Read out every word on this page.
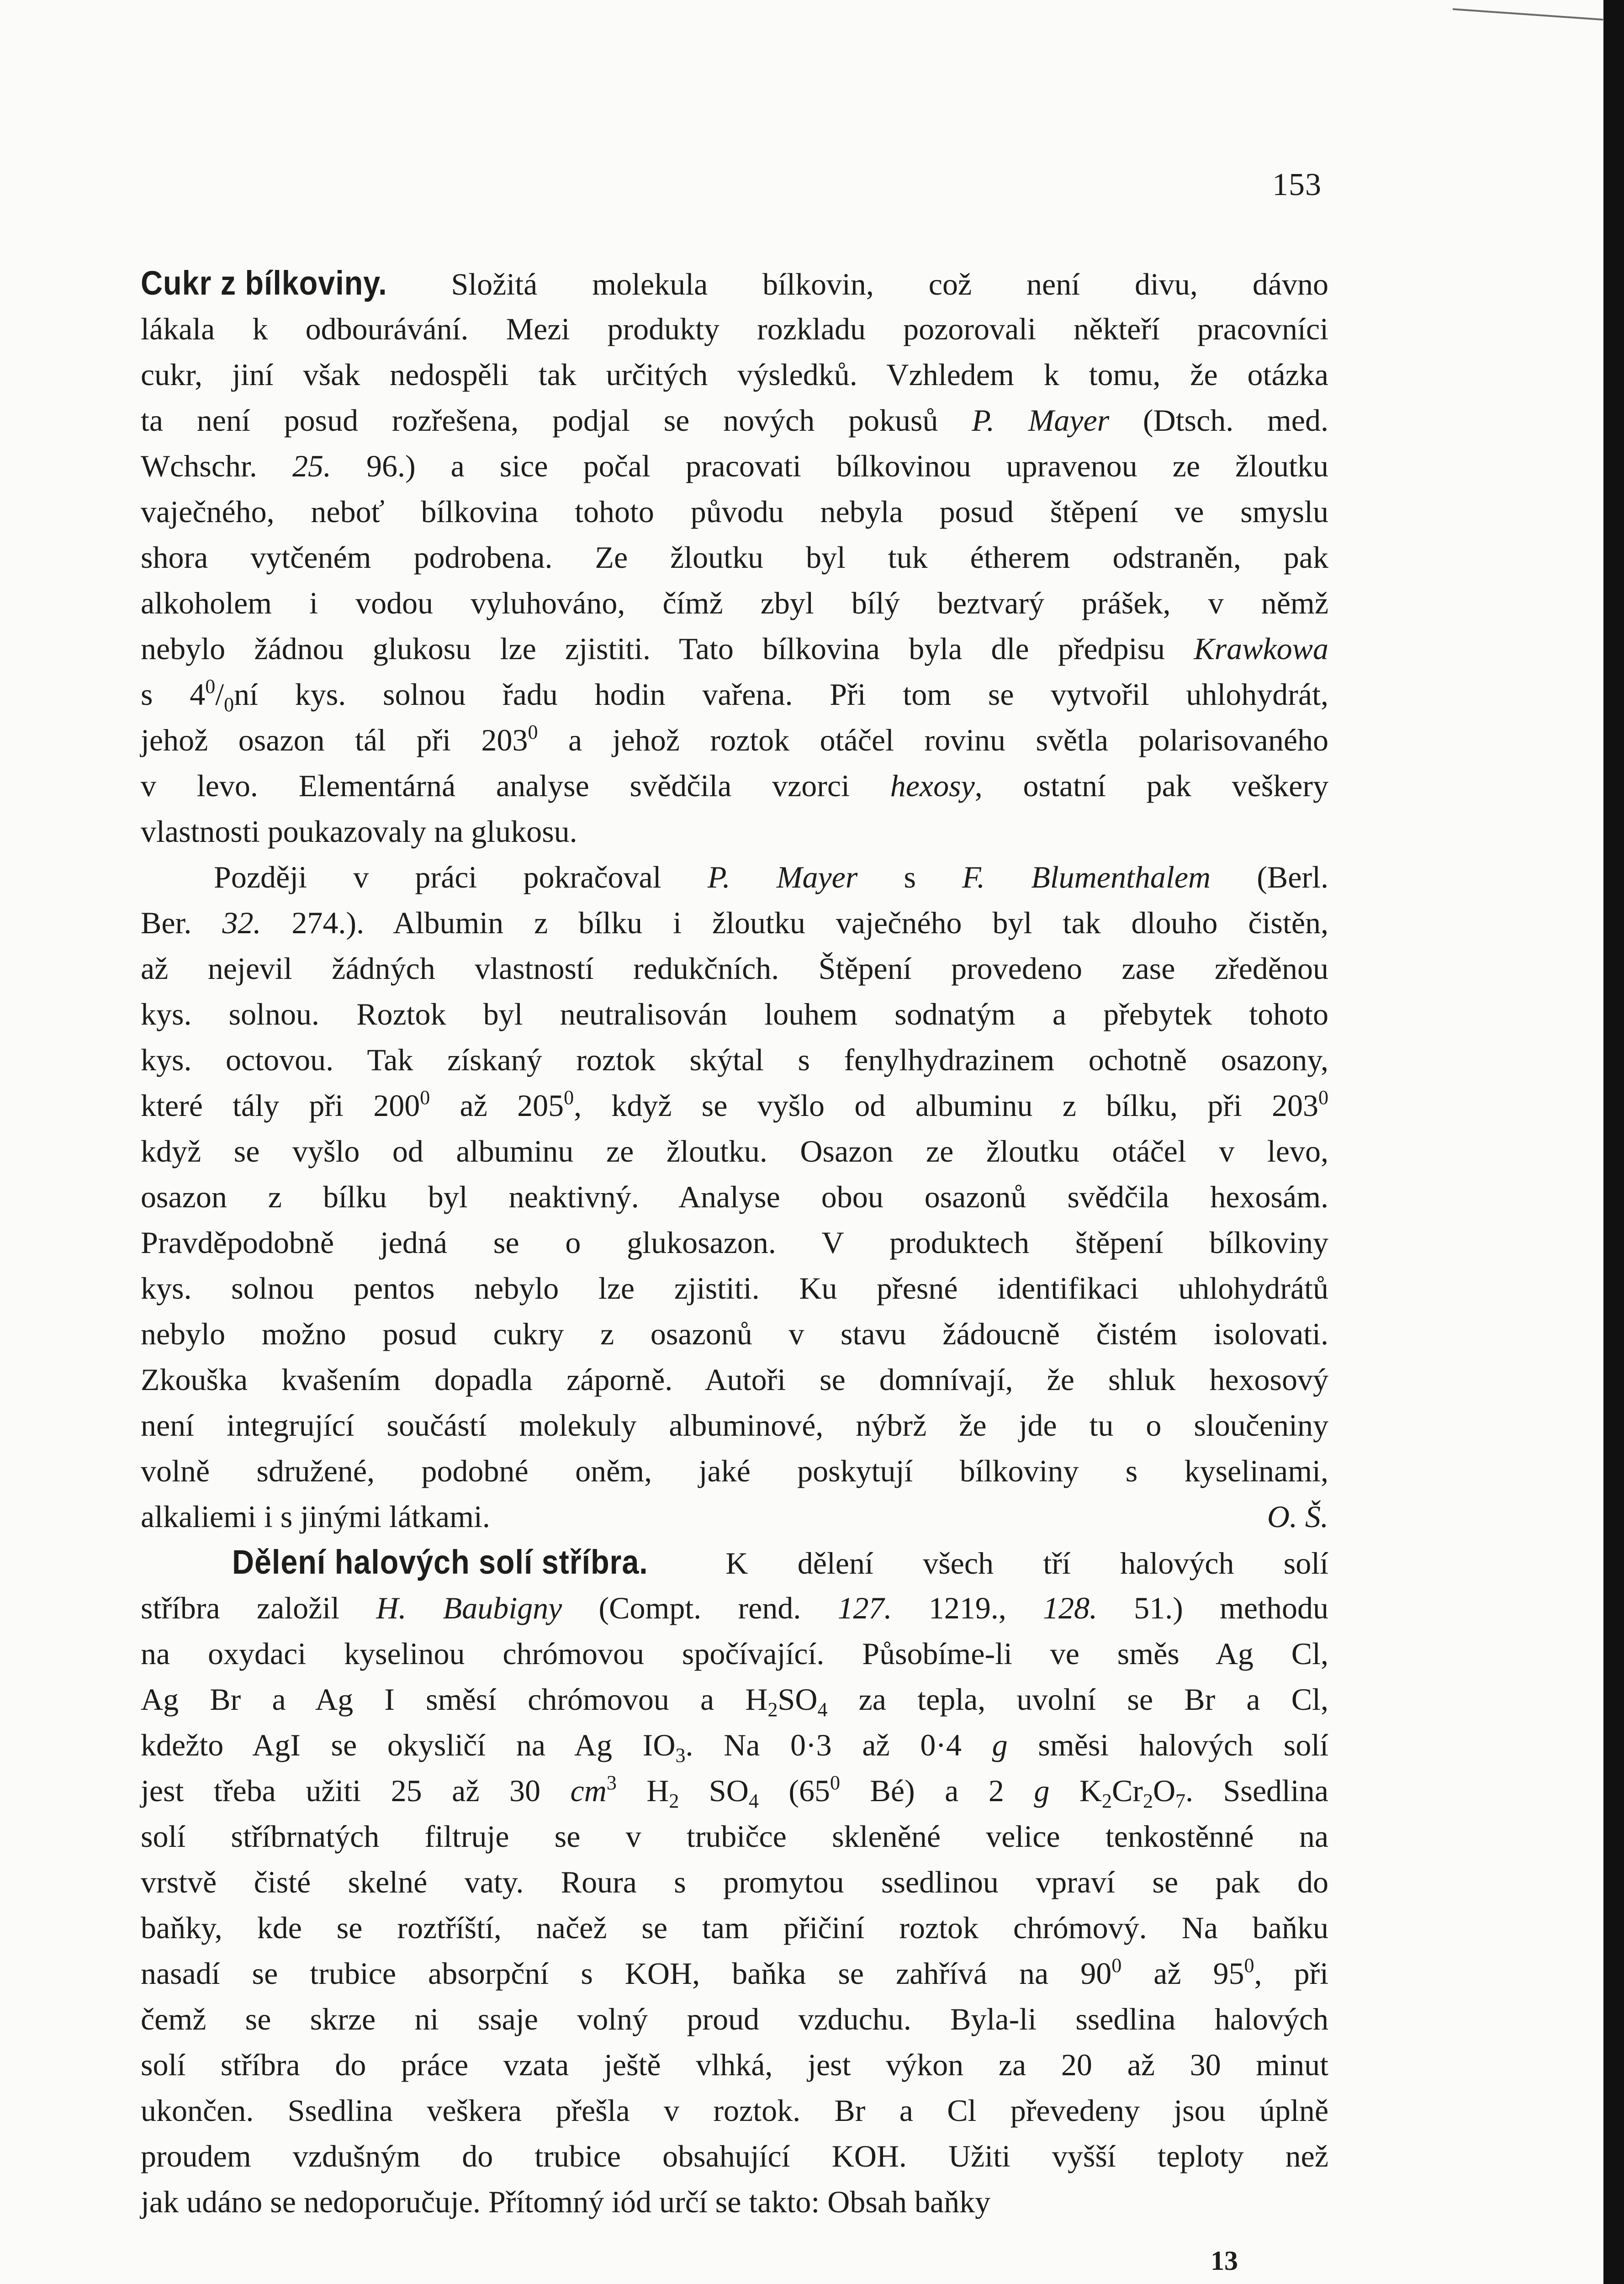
153
Cukr z bílkoviny. Složitá molekula bílkovin, což není divu, dávno
lákala k odbourávání. Mezi produkty rozkladu pozorovali někteří pracovníci
cukr, jiní však nedospěli tak určitých výsledků. Vzhledem k tomu, že otázka
ta není posud rozřešena, podjal se nových pokusů P. Mayer (Dtsch. med.
Wchschr. 25. 96.) a sice počal pracovati bílkovinou upravenou ze žloutku
vaječného, neboť bílkovina tohoto původu nebyla posud štěpení ve smyslu
shora vytčeném podrobena. Ze žloutku byl tuk étherem odstraněn, pak
alkoholem i vodou vyluhováno, čímž zbyl bílý beztvarý prášek, v němž
nebylo žádnou glukosu lze zjistiti. Tato bílkovina byla dle předpisu Krawkowa
s $4^0/_0ní$ kys. solnou řadu hodin vařena. Při tom se vytvořil uhlohydrát,
jehož osazon tál při $203^0$ a jehož roztok otáčel rovinu světla polarisovaného
v levo. Elementárná analyse svědčila vzorci hexosy, ostatní pak veškery
vlastnosti poukazovaly na glukosu.
Později v práci pokračoval P. Mayer s F. Blumenthalem (Berl.
Ber. 32. 274.). Albumin z bílku i žloutku vaječného byl tak dlouho čistěn,
až nejevil žádných vlastností redukčních. Štěpení provedeno zase zředěnou
kys. solnou. Roztok byl neutralisován louhem sodnatým a přebytek tohoto
kys. octovou. Tak získaný roztok skýtal s fenylhydrazinem ochotně osazony,
které tály při $200^0$ až $205^0$, když se vyšlo od albuminu z bílku, při $203^0$
když se vyšlo od albuminu ze žloutku. Osazon ze žloutku otáčel v levo,
osazon z bílku byl neaktivný. Analyse obou osazonů svědčila hexosám.
Pravděpodobně jedná se o glukosazon. V produktech štěpení bílkoviny
kys. solnou pentos nebylo lze zjistiti. Ku přesné identifikaci uhlohydrátů
nebylo možno posud cukry z osazonů v stavu žádoucně čistém isolovati.
Zkouška kvašením dopadla záporně. Autoři se domnívají, že shluk hexosový
není integrující součástí molekuly albuminové, nýbrž že jde tu o sloučeniny
volně sdružené, podobné oněm, jaké poskytují bílkoviny s kyselinami,
alkaliemi i s jinými látkami.	O. Š.
Dělení halových solí stříbra. K dělení všech tří halových solí
stříbra založil H. Baubigny (Compt. rend. 127. 1219., 128. 51.) methodu
na oxydaci kyselinou chrómovou spočívající. Působíme-li ve směs Ag Cl,
Ag Br a Ag I směsí chrómovou a $H_2SO_4$ za tepla, uvolní se Br a Cl,
kdežto AgI se okysličí na Ag $IO_3$. Na 0·3 až 0·4 g směsi halových solí
jest třeba užiti 25 až 30 $cm^3$ $H_2$ $SO_4$ ($65^0$ Bé) a 2 g $K_2Cr_2O_7$. Ssedlina
solí stříbrnatých filtruje se v trubičce skleněné velice tenkostěnné na
vrstvě čisté skelné vaty. Roura s promytou ssedlinou vpraví se pak do
baňky, kde se roztříští, načež se tam přičiní roztok chrómový. Na baňku
nasadí se trubice absorpční s KOH, baňka se zahřívá na $90^0$ až $95^0$, při
čemž se skrze ni ssaje volný proud vzduchu. Byla-li ssedlina halových
solí stříbra do práce vzata ještě vlhká, jest výkon za 20 až 30 minut
ukončen. Ssedlina veškera přešla v roztok. Br a Cl převedeny jsou úplně
proudem vzdušným do trubice obsahující KOH. Užiti vyšší teploty než
jak udáno se nedoporučuje. Přítomný iód určí se takto: Obsah baňky
13
